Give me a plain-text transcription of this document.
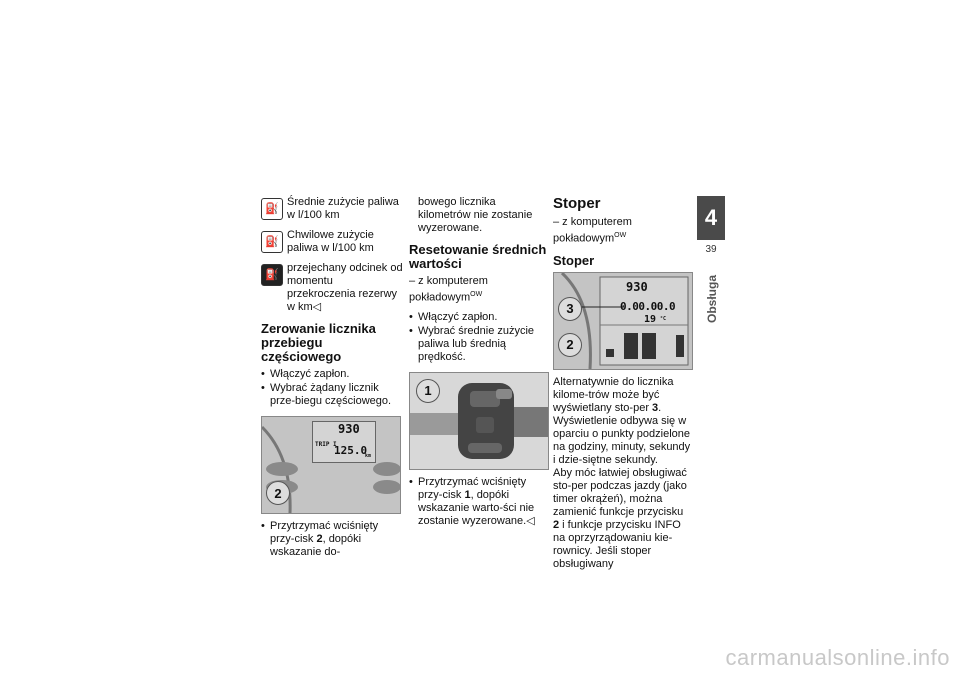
⛽
Średnie zużycie paliwa w l/100 km
⛽
Chwilowe zużycie paliwa w l/100 km
⛽
przejechany odcinek od momentu przekroczenia rezerwy w km◁
Zerowanie licznika przebiegu częściowego
• Włączyć zapłon.
• Wybrać żądany licznik prze-biegu częściowego.
930
TRIP I
125.0
km
2
• Przytrzymać wciśnięty przy-cisk 2, dopóki wskazanie do-
bowego licznika kilometrów nie zostanie wyzerowane.
Resetowanie średnich wartości
– z komputerem pokładowym$^{OW}$
• Włączyć zapłon.
• Wybrać średnie zużycie paliwa lub średnią prędkość.
1
• Przytrzymać wciśnięty przy-cisk 1, dopóki wskazanie warto-ści nie zostanie wyzerowane.◁
Stoper
– z komputerem pokładowym$^{OW}$
Stoper
930
0.00.00.0
19 °C
3
2

Alternatywnie do licznika kilome-trów może być wyświetlany sto-per 3. Wyświetlenie odbywa się w oparciu o punkty podzielone na godziny, minuty, sekundy i dzie-siętne sekundy.

Aby móc łatwiej obsługiwać sto-per podczas jazdy (jako timer okrążeń), można zamienić funkcje przycisku 2 i funkcje przycisku INFO na oprzyrządowaniu kie-rownicy. Jeśli stoper obsługiwany

4
39
Obsługa
carmanualsonline.info
